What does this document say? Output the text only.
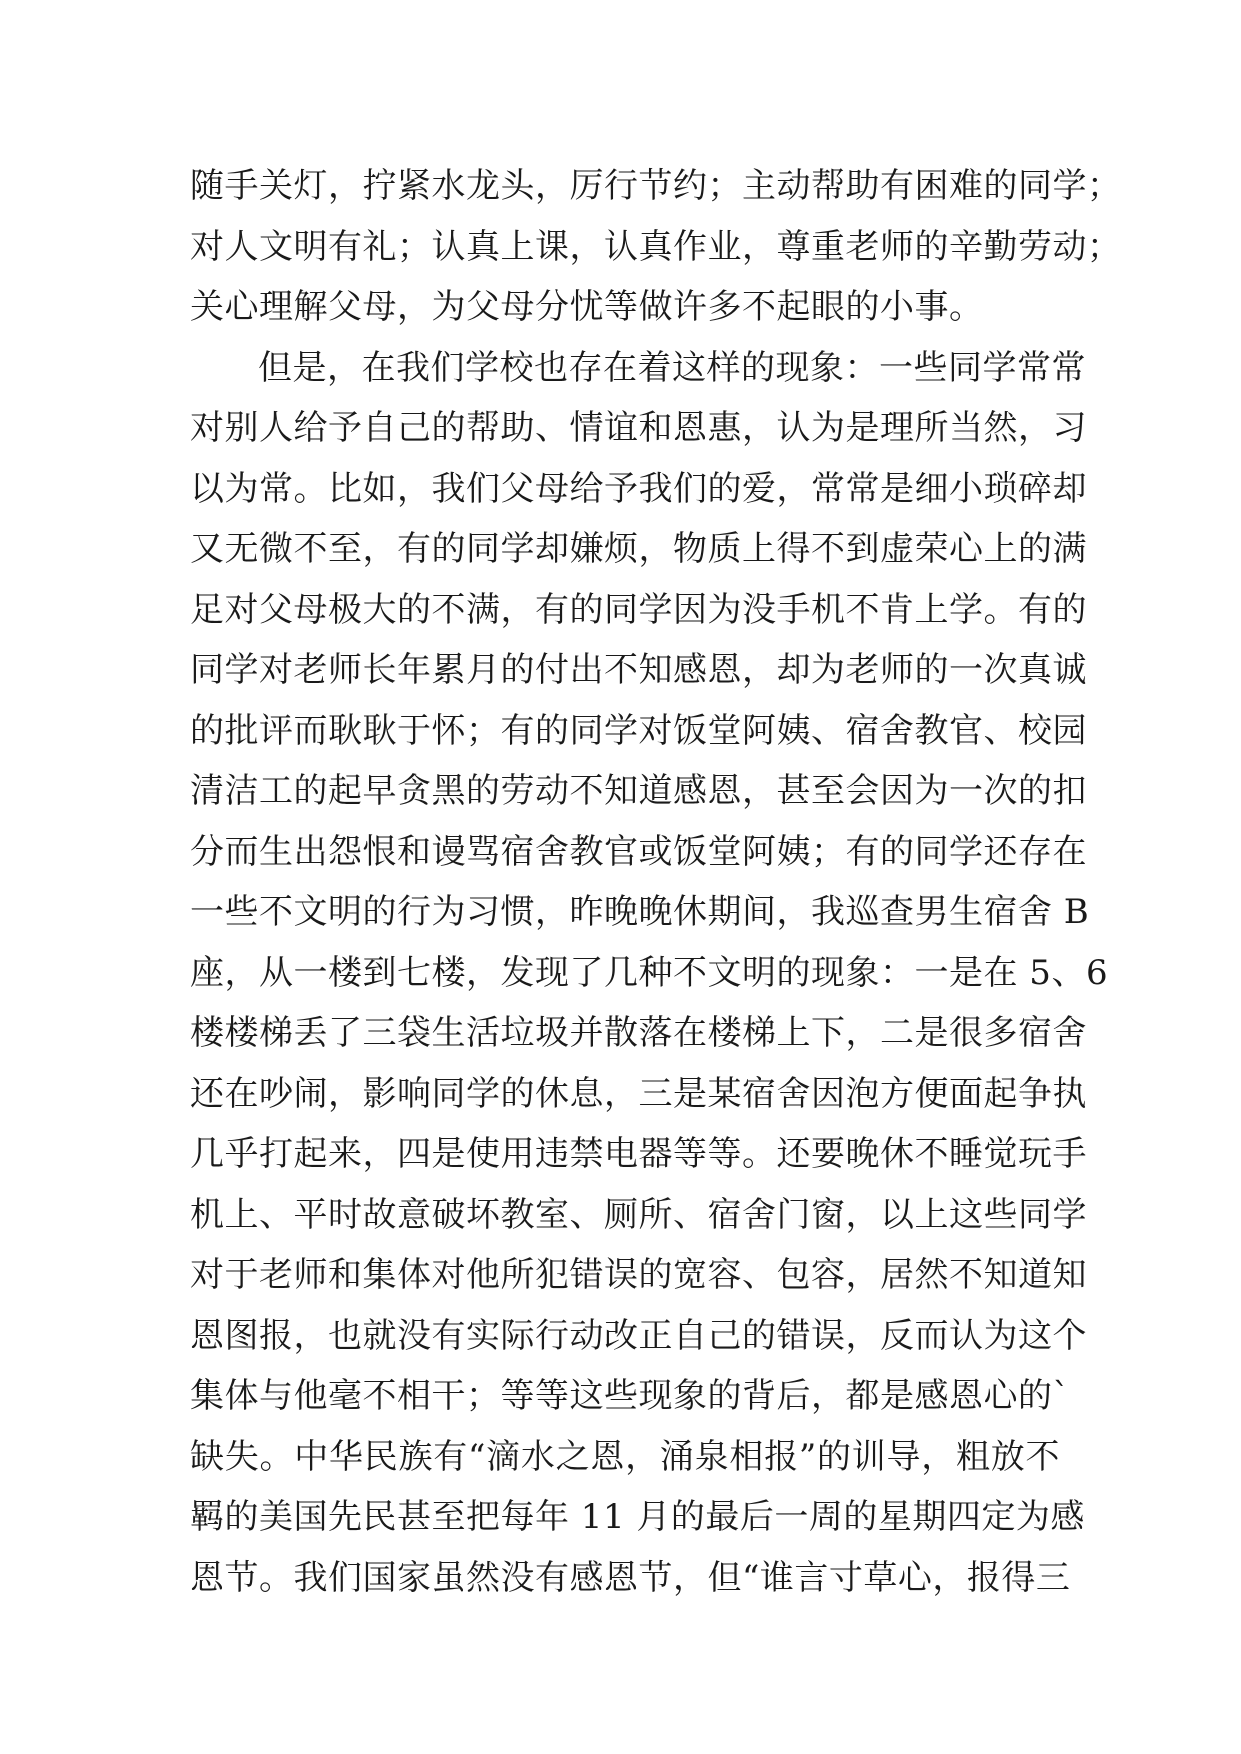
随手关灯，拧紧水龙头，厉行节约；主动帮助有困难的同学；
对人文明有礼；认真上课，认真作业，尊重老师的辛勤劳动；
关心理解父母，为父母分忧等做许多不起眼的小事。
但是，在我们学校也存在着这样的现象：一些同学常常
对别人给予自己的帮助、情谊和恩惠，认为是理所当然，习
以为常。比如，我们父母给予我们的爱，常常是细小琐碎却
又无微不至，有的同学却嫌烦，物质上得不到虚荣心上的满
足对父母极大的不满，有的同学因为没手机不肯上学。有的
同学对老师长年累月的付出不知感恩，却为老师的一次真诚
的批评而耿耿于怀；有的同学对饭堂阿姨、宿舍教官、校园
清洁工的起早贪黑的劳动不知道感恩，甚至会因为一次的扣
分而生出怨恨和谩骂宿舍教官或饭堂阿姨；有的同学还存在
一些不文明的行为习惯，昨晚晚休期间，我巡查男生宿舍 B
座，从一楼到七楼，发现了几种不文明的现象：一是在 5、6
楼楼梯丢了三袋生活垃圾并散落在楼梯上下，二是很多宿舍
还在吵闹，影响同学的休息，三是某宿舍因泡方便面起争执
几乎打起来，四是使用违禁电器等等。还要晚休不睡觉玩手
机上、平时故意破坏教室、厕所、宿舍门窗，以上这些同学
对于老师和集体对他所犯错误的宽容、包容，居然不知道知
恩图报，也就没有实际行动改正自己的错误，反而认为这个
集体与他毫不相干；等等这些现象的背后，都是感恩心的`
缺失。中华民族有“滴水之恩，涌泉相报”的训导，粗放不
羁的美国先民甚至把每年 11 月的最后一周的星期四定为感
恩节。我们国家虽然没有感恩节，但“谁言寸草心，报得三
